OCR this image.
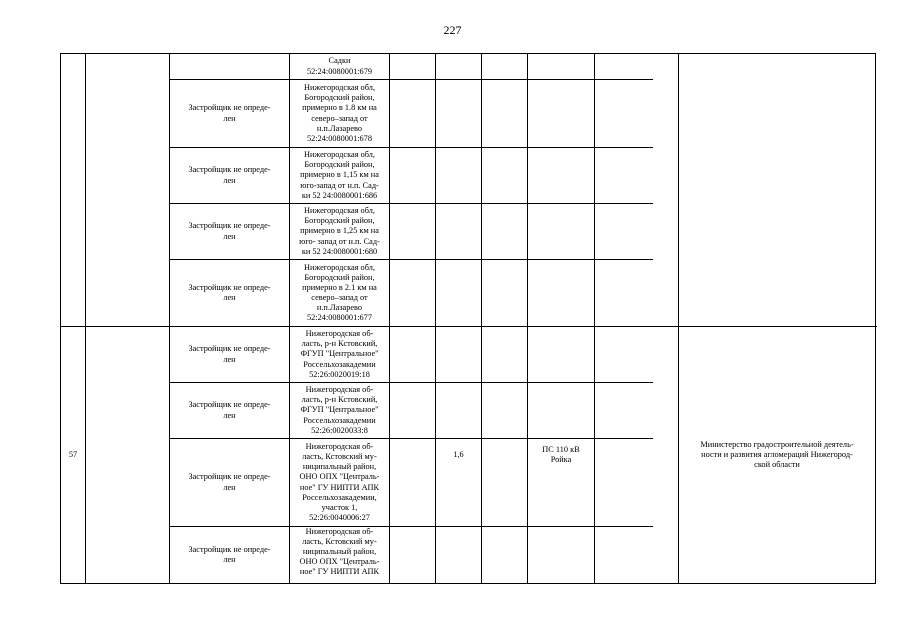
227
Садки
52:24:0080001:679
Застройщик не опреде-
лен
Нижегородская обл,
Богородский район,
примерно в 1.8 км на
северо–запад от
н.п.Лазарево
52:24:0080001:678
Застройщик не опреде-
лен
Нижегородская обл,
Богородский район,
примерно в 1,15 км на
юго-запад от н.п. Сад-
ки 52 24:0080001:686
Застройщик не опреде-
лен
Нижегородская обл,
Богородский район,
примерно в 1,25 км на
юго- запад от н.п. Сад-
ки 52 24:0080001:680
Застройщик не опреде-
лен
Нижегородская обл,
Богородский район,
примерно в 2.1 км на
северо–запад от
н.п.Лазарево
52:24:0080001:677
57	1,6
ПС 110 кВ
Ройка
Министерство градостроительной деятель-
ности и развития агломераций Нижегород-
ской области
Застройщик не опреде-
лен
Нижегородская об-
ласть, р-н Кстовский,
ФГУП "Центральное"
Россельхозакадемии
52:26:0020019:18
Застройщик не опреде-
лен
Нижегородская об-
ласть, р-н Кстовский,
ФГУП "Центральное"
Россельхозакадемии
52:26:0020033:8
Застройщик не опреде-
лен
Нижегородская об-
ласть, Кстовский му-
ниципальный район,
ОНО ОПХ "Централь-
ное" ГУ НИПТИ АПК
Россельхозакадемии,
участок 1,
52:26:0040006:27
Застройщик не опреде-
лен
Нижегородская об-
ласть, Кстовский му-
ниципальный район,
ОНО ОПХ "Централь-
ное" ГУ НИПТИ АПК
